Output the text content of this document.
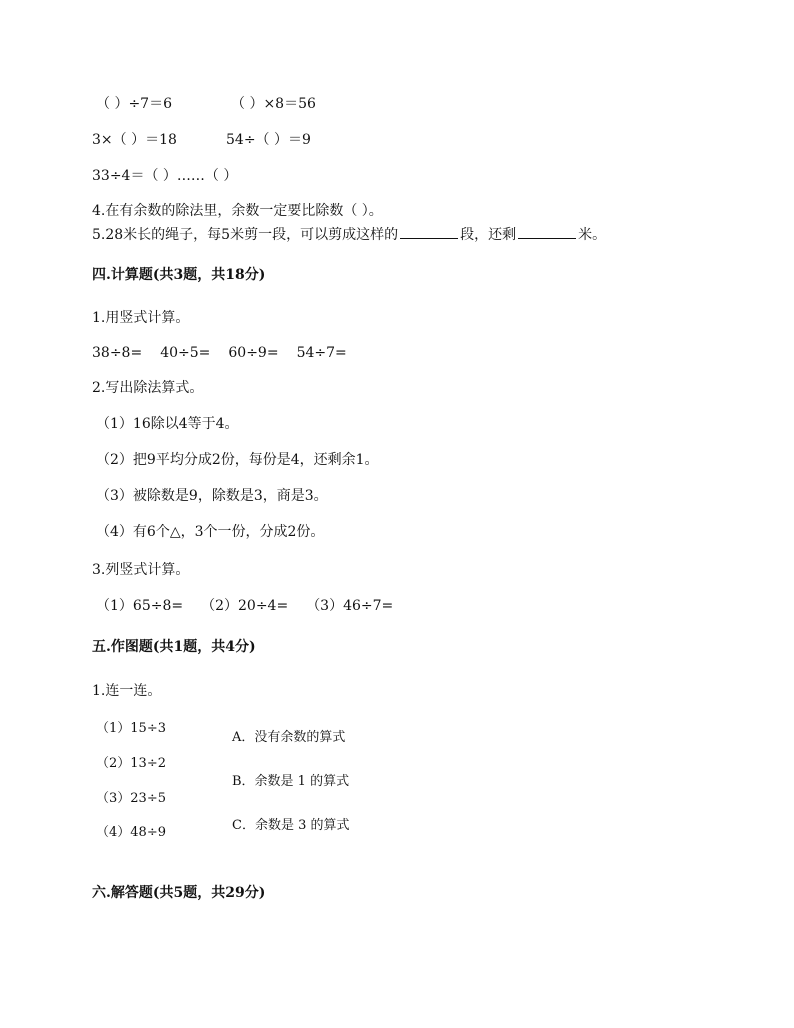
（ ）÷7＝6	（ ）×8＝56
3×（ ）＝18	54÷（ ）＝9
33÷4＝（ ）……（ ）
4.在有余数的除法里，余数一定要比除数（ ）。
5.28米长的绳子，每5米剪一段，可以剪成这样的	段，还剩	米。
四.计算题(共3题，共18分)
1.用竖式计算。
38÷8= 40÷5= 60÷9= 54÷7=
2.写出除法算式。
（1）16除以4等于4。
（2）把9平均分成2份，每份是4，还剩余1。
（3）被除数是9，除数是3，商是3。
（4）有6个△，3个一份，分成2份。
3.列竖式计算。
（1）65÷8= （2）20÷4= （3）46÷7=
五.作图题(共1题，共4分)
1.连一连。
（1）15÷3
（2）13÷2
（3）23÷5
（4）48÷9
A．没有余数的算式
B．余数是 1 的算式
C．余数是 3 的算式
六.解答题(共5题，共29分)
